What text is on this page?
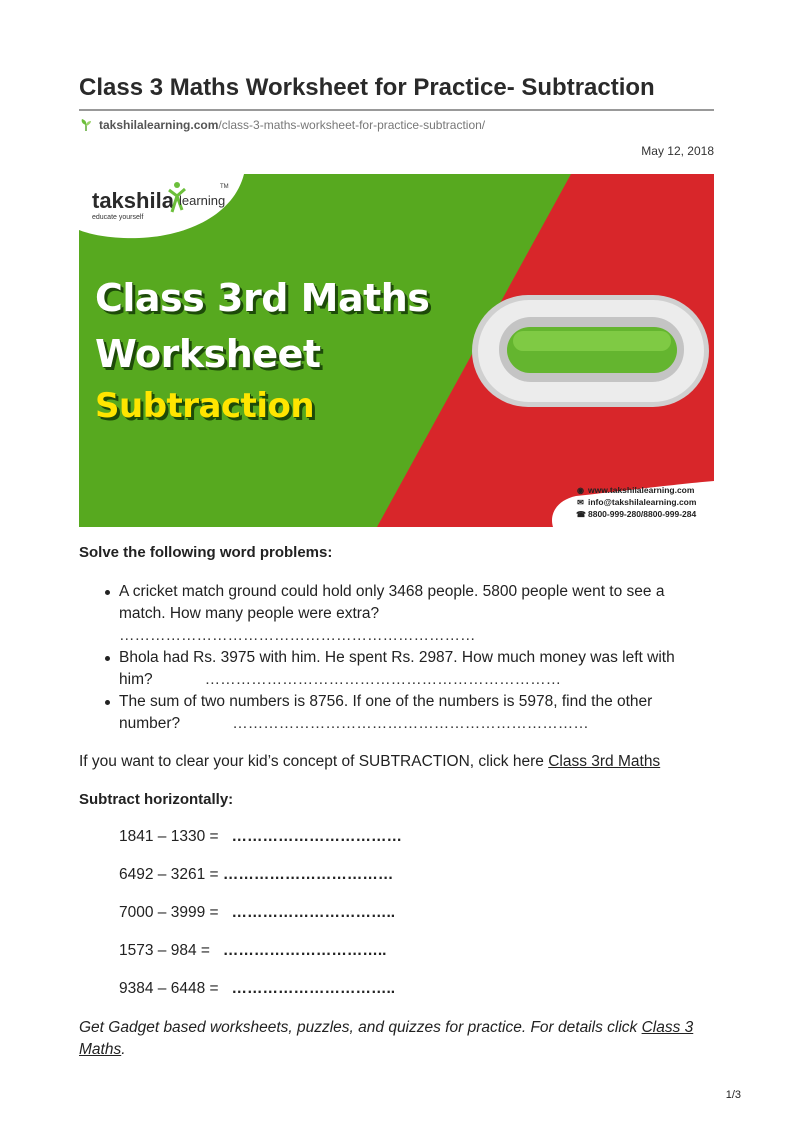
Class 3 Maths Worksheet for Practice- Subtraction
takshilalearning.com /class-3-maths-worksheet-for-practice-subtraction/
May 12, 2018
takshila learning
TM
educate yourself
Class 3rd Maths
Worksheet
Subtraction
◉ www.takshilalearning.com
✉ info@takshilalearning.com
☎ 8800-999-280/8800-999-284
Solve the following word problems:
A cricket match ground could hold only 3468 people. 5800 people went to see a match. How many people were extra?
……………………………………………………………
Bhola had Rs. 3975 with him. He spent Rs. 2987. How much money was left with him?	……………………………………………………………
The sum of two numbers is 8756. If one of the numbers is 5978, find the other number?	……………………………………………………………
If you want to clear your kid’s concept of SUBTRACTION, click here Class 3rd Maths
Subtract horizontally:
1841 – 1330 =   ……………………………
6492 – 3261 = ……………………………
7000 – 3999 =   …………………………..
1573 – 984 =   …………………………..
9384 – 6448 =   …………………………..
Get Gadget based worksheets, puzzles, and quizzes for practice. For details click Class 3 Maths.
1/3
